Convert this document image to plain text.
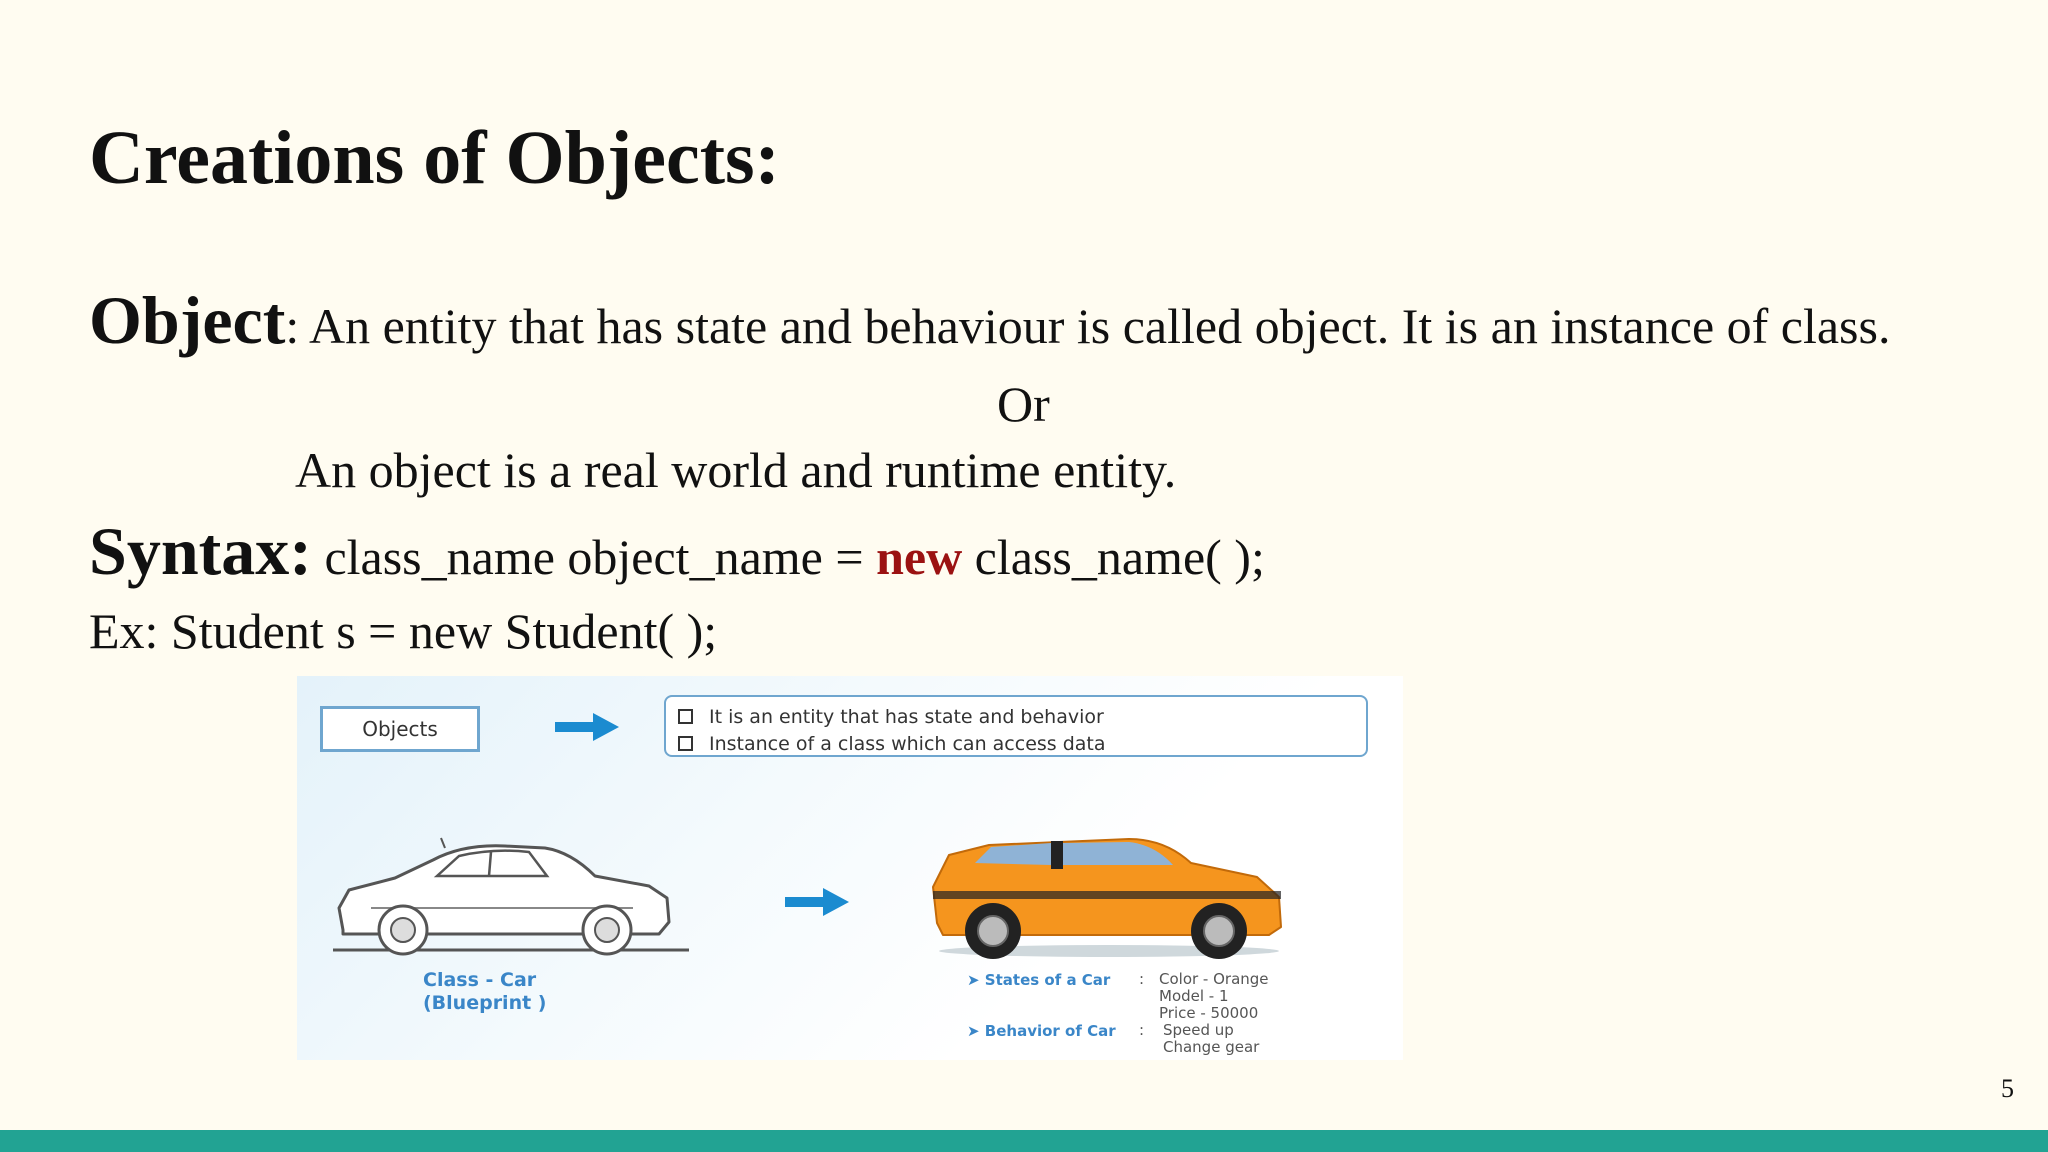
Creations of Objects:
Object: An entity that has state and behaviour is called object. It is an instance of class.
Or
An object is a real world and runtime entity.
Syntax: class_name object_name = new class_name( );
Ex: Student s = new Student( );
Objects
It is an entity that has state and behavior
Instance of a class which can access data
Class - Car
(Blueprint )
➤ States of a Car : Color - Orange
Model - 1
Price - 50000
➤ Behavior of Car : Speed up
Change gear
5
